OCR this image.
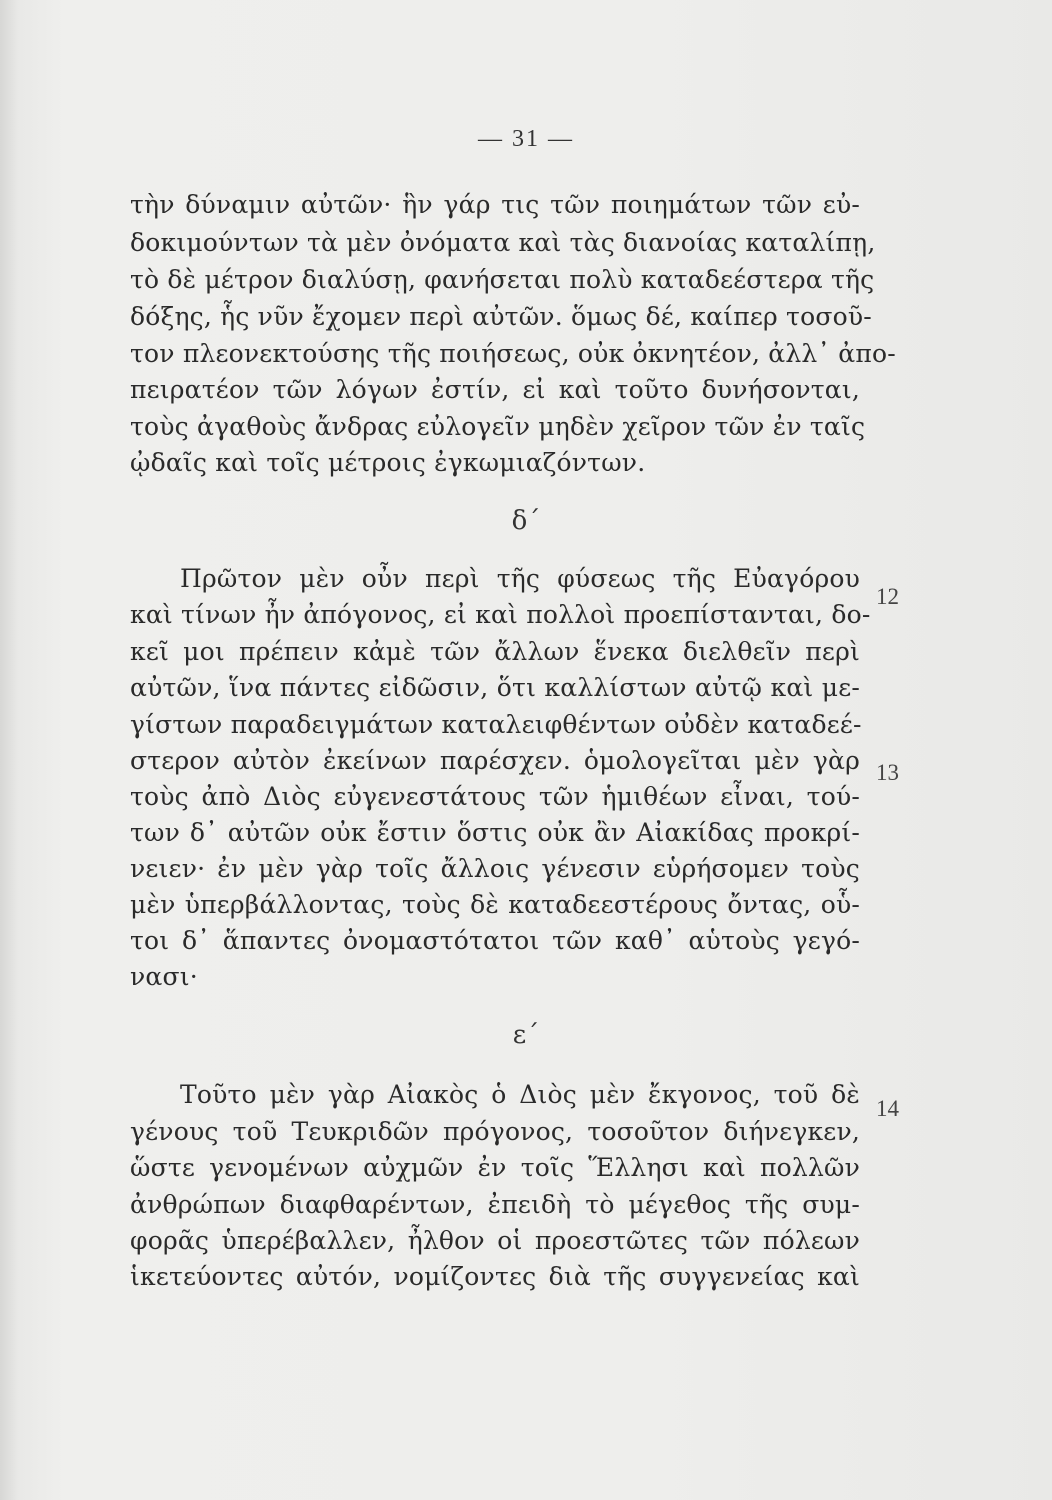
— 31 —
τὴν δύναμιν αὐτῶν· ἣν γάρ τις τῶν ποιημάτων τῶν εὐ-
δοκιμούντων τὰ μὲν ὀνόματα καὶ τὰς διανοίας καταλίπῃ,
τὸ δὲ μέτρον διαλύσῃ, φανήσεται πολὺ καταδεέστερα τῆς
δόξης, ἧς νῦν ἔχομεν περὶ αὐτῶν. ὅμως δέ, καίπερ τοσοῦ-
τον πλεονεκτούσης τῆς ποιήσεως, οὐκ ὀκνητέον, ἀλλ᾽ ἀπο-
πειρατέον τῶν λόγων ἐστίν, εἰ καὶ τοῦτο δυνήσονται,
τοὺς ἀγαθοὺς ἄνδρας εὐλογεῖν μηδὲν χεῖρον τῶν ἐν ταῖς
ᾠδαῖς καὶ τοῖς μέτροις ἐγκωμιαζόντων.
δ΄
Πρῶτον μὲν οὖν περὶ τῆς φύσεως τῆς Εὐαγόρου
12
καὶ τίνων ἦν ἀπόγονος, εἰ καὶ πολλοὶ προεπίστανται, δο-
κεῖ μοι πρέπειν κἀμὲ τῶν ἄλλων ἕνεκα διελθεῖν περὶ
αὐτῶν, ἵνα πάντες εἰδῶσιν, ὅτι καλλίστων αὐτῷ καὶ με-
γίστων παραδειγμάτων καταλειφθέντων οὐδὲν καταδεέ-
στερον αὐτὸν ἐκείνων παρέσχεν. ὁμολογεῖται μὲν γὰρ 13
τοὺς ἀπὸ Διὸς εὐγενεστάτους τῶν ἡμιθέων εἶναι, τού-
των δ᾽ αὐτῶν οὐκ ἔστιν ὅστις οὐκ ἂν Αἰακίδας προκρί-
νειεν· ἐν μὲν γὰρ τοῖς ἄλλοις γένεσιν εὑρήσομεν τοὺς
μὲν ὑπερβάλλοντας, τοὺς δὲ καταδεεστέρους ὄντας, οὗ-
τοι δ᾽ ἅπαντες ὀνομαστότατοι τῶν καθ᾽ αὑτοὺς γεγό-
νασι·
ε΄
Τοῦτο μὲν γὰρ Αἰακὸς ὁ Διὸς μὲν ἔκγονος, τοῦ δὲ 14
γένους τοῦ Τευκριδῶν πρόγονος, τοσοῦτον διήνεγκεν,
ὥστε γενομένων αὐχμῶν ἐν τοῖς Ἕλλησι καὶ πολλῶν
ἀνθρώπων διαφθαρέντων, ἐπειδὴ τὸ μέγεθος τῆς συμ-
φορᾶς ὑπερέβαλλεν, ἦλθον οἱ προεστῶτες τῶν πόλεων
ἱκετεύοντες αὐτόν, νομίζοντες διὰ τῆς συγγενείας καὶ
